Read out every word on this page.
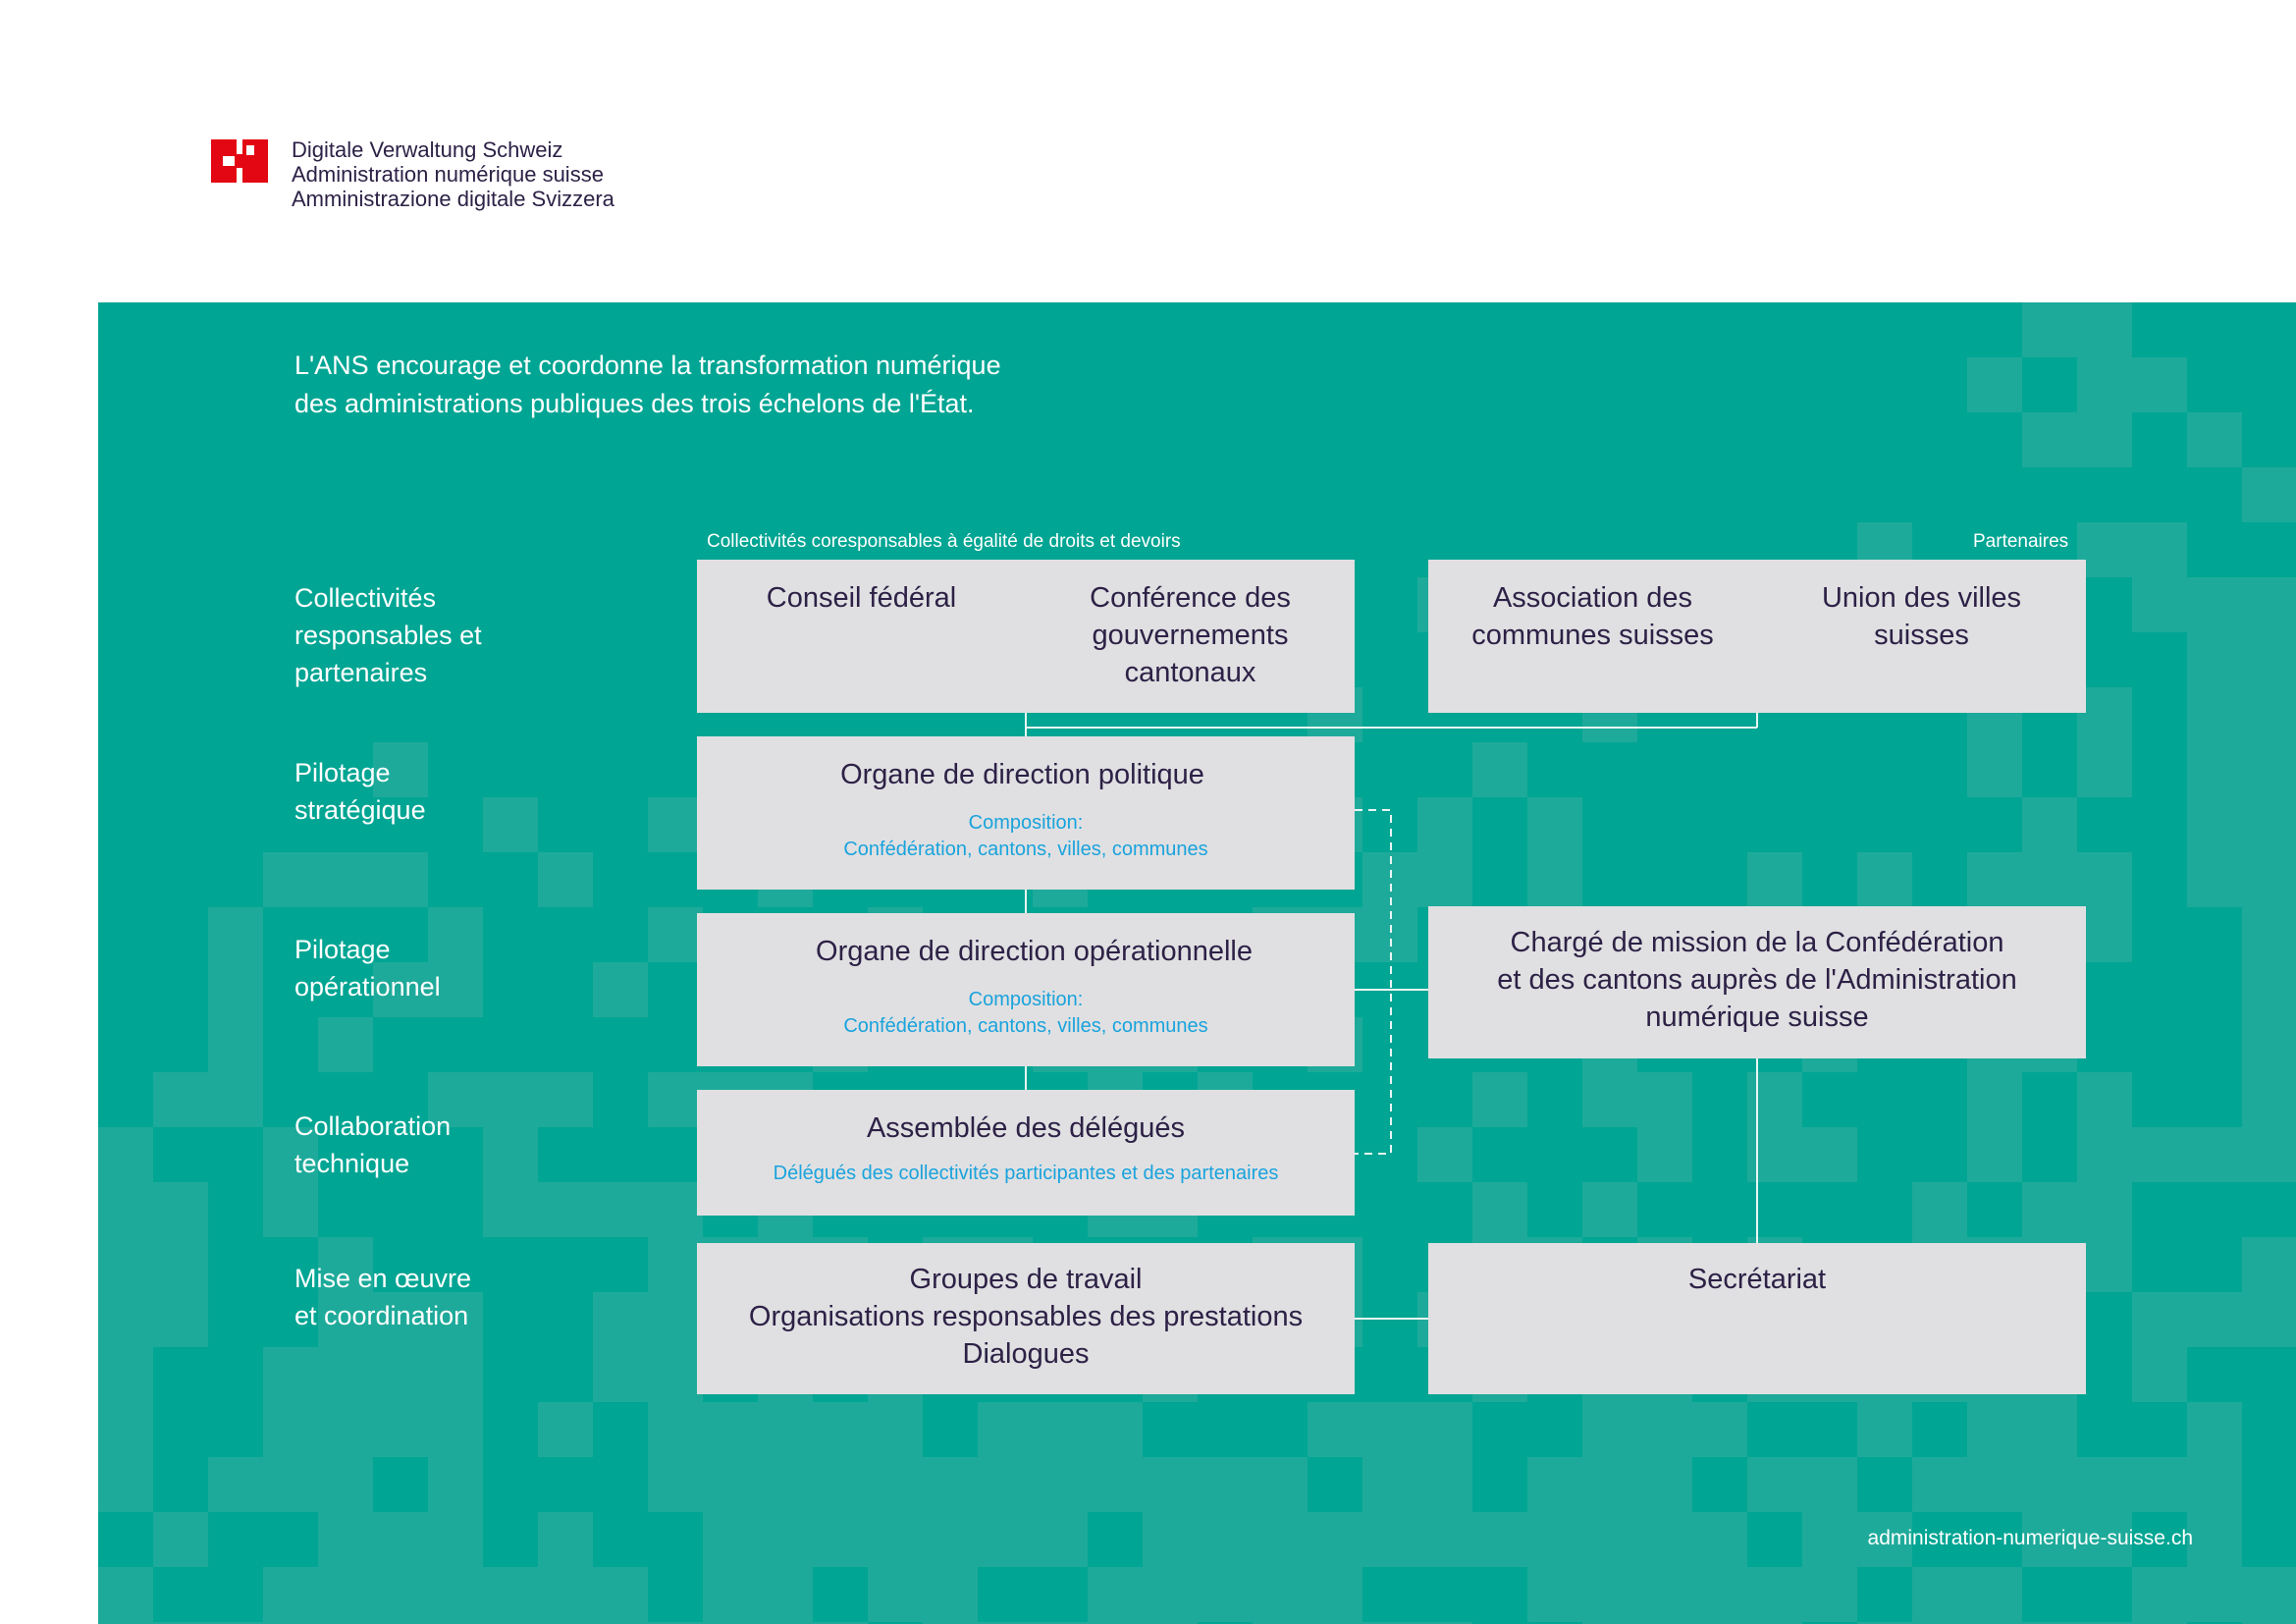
Digitale Verwaltung Schweiz
Administration numérique suisse
Amministrazione digitale Svizzera
L'ANS encourage et coordonne la transformation numérique
des administrations publiques des trois échelons de l'État.
Collectivités
responsables et
partenaires
Pilotage
stratégique
Pilotage
opérationnel
Collaboration
technique
Mise en œuvre
et coordination
Collectivités coresponsables à égalité de droits et devoirs	Partenaires
Conseil fédéral	Conférence des
gouvernements
cantonaux
Association des
communes suisses
Union des villes
suisses
Organe de direction politique
Composition:
Confédération, cantons, villes, communes
Organe de direction opérationnelle
Composition:
Confédération, cantons, villes, communes
Assemblée des délégués
Délégués des collectivités participantes et des partenaires
Groupes de travail
Organisations responsables des prestations
Dialogues
Chargé de mission de la Confédération
et des cantons auprès de l'Administration
numérique suisse
Secrétariat
administration-numerique-suisse.ch
